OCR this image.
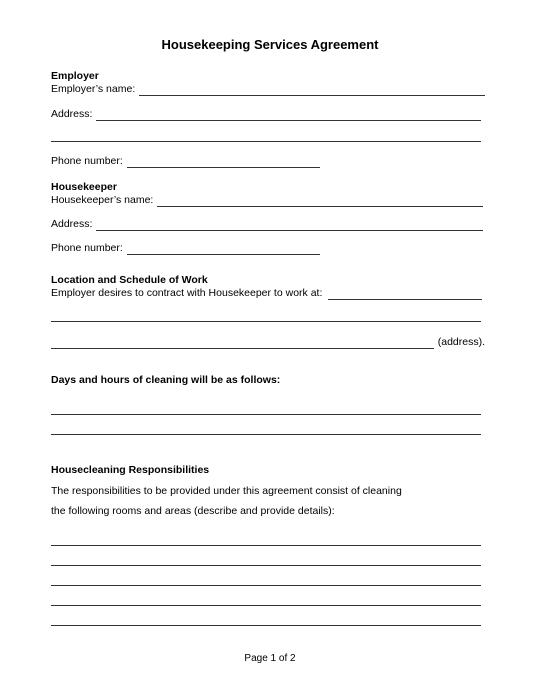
Housekeeping Services Agreement
Employer
Employer’s name:
Address:
Phone number:
Housekeeper
Housekeeper’s name:
Address:
Phone number:
Location and Schedule of Work
Employer desires to contract with Housekeeper to work at:
(address).
Days and hours of cleaning will be as follows:
Housecleaning Responsibilities
The responsibilities to be provided under this agreement consist of cleaning
the following rooms and areas (describe and provide details):
Page 1 of 2
